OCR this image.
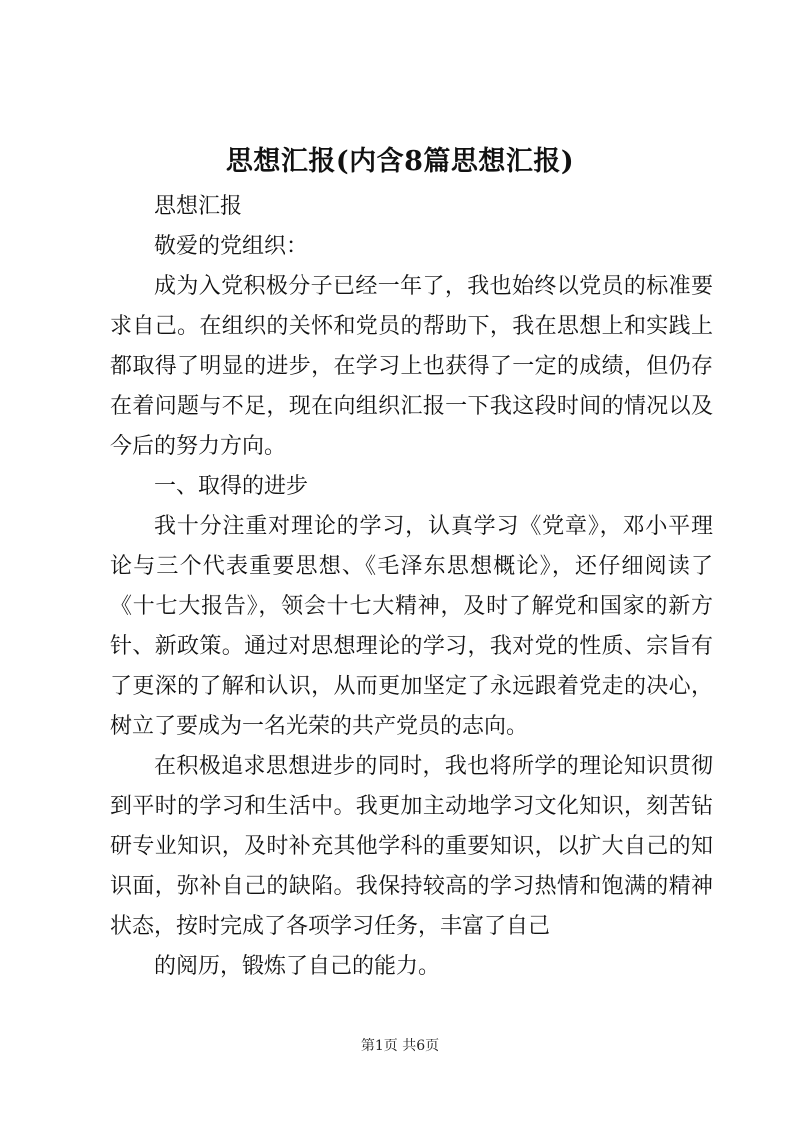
思想汇报(内含8篇思想汇报)

思想汇报

敬爱的党组织：

成为入党积极分子已经一年了，我也始终以党员的标准要求自己。在组织的关怀和党员的帮助下，我在思想上和实践上都取得了明显的进步，在学习上也获得了一定的成绩，但仍存在着问题与不足，现在向组织汇报一下我这段时间的情况以及今后的努力方向。

一、取得的进步

我十分注重对理论的学习，认真学习《党章》，邓小平理论与三个代表重要思想、《毛泽东思想概论》，还仔细阅读了《十七大报告》，领会十七大精神，及时了解党和国家的新方针、新政策。通过对思想理论的学习，我对党的性质、宗旨有了更深的了解和认识，从而更加坚定了永远跟着党走的决心，树立了要成为一名光荣的共产党员的志向。

在积极追求思想进步的同时，我也将所学的理论知识贯彻到平时的学习和生活中。我更加主动地学习文化知识，刻苦钻研专业知识，及时补充其他学科的重要知识，以扩大自己的知识面，弥补自己的缺陷。我保持较高的学习热情和饱满的精神状态，按时完成了各项学习任务，丰富了自己

的阅历，锻炼了自己的能力。

第1页 共6页
